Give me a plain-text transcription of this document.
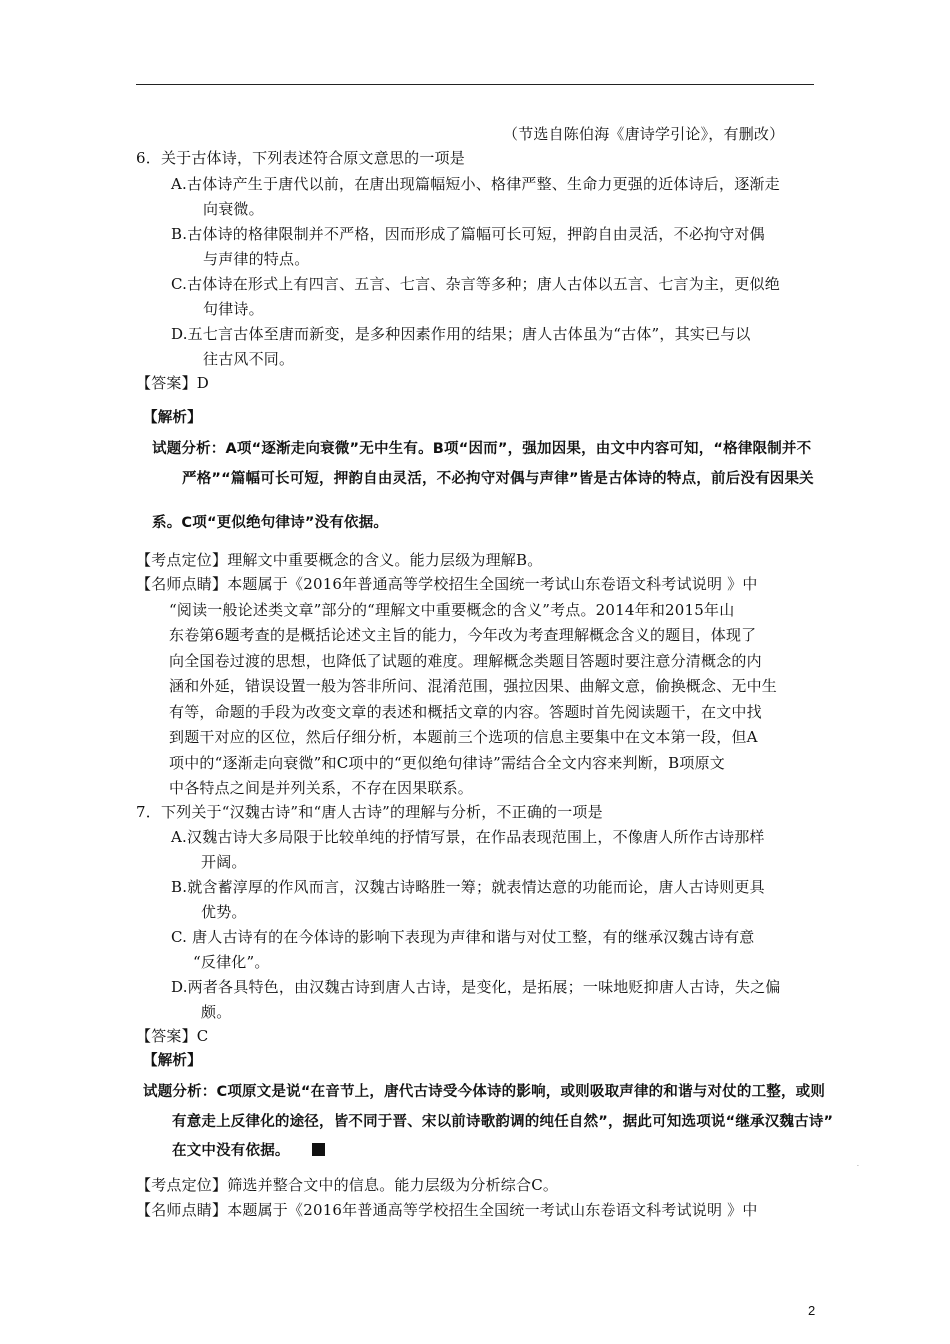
（节选自陈伯海《唐诗学引论》，有删改）
6．关于古体诗，下列表述符合原文意思的一项是
A.古体诗产生于唐代以前，在唐出现篇幅短小、格律严整、生命力更强的近体诗后，逐渐走
向衰微。
B.古体诗的格律限制并不严格，因而形成了篇幅可长可短，押韵自由灵活，不必拘守对偶
与声律的特点。
C.古体诗在形式上有四言、五言、七言、杂言等多种；唐人古体以五言、七言为主，更似绝
句律诗。
D.五七言古体至唐而新变，是多种因素作用的结果；唐人古体虽为“古体”，其实已与以
往古风不同。
【答案】D
【解析】
试题分析：A项“逐渐走向衰微”无中生有。B项“因而”，强加因果，由文中内容可知，“格律限制并不
严格”“篇幅可长可短，押韵自由灵活，不必拘守对偶与声律”皆是古体诗的特点，前后没有因果关
系。C项“更似绝句律诗”没有依据。
【考点定位】理解文中重要概念的含义。能力层级为理解B。
【名师点睛】本题属于《2016年普通高等学校招生全国统一考试山东卷语文科考试说明 》中
“阅读一般论述类文章”部分的“理解文中重要概念的含义”考点。2014年和2015年山
东卷第6题考查的是概括论述文主旨的能力，今年改为考查理解概念含义的题目，体现了
向全国卷过渡的思想，也降低了试题的难度。理解概念类题目答题时要注意分清概念的内
涵和外延，错误设置一般为答非所问、混淆范围，强拉因果、曲解文意，偷换概念、无中生
有等，命题的手段为改变文章的表述和概括文章的内容。答题时首先阅读题干，在文中找
到题干对应的区位，然后仔细分析，本题前三个选项的信息主要集中在文本第一段，但A
项中的“逐渐走向衰微”和C项中的“更似绝句律诗”需结合全文内容来判断，B项原文
中各特点之间是并列关系，不存在因果联系。
7．下列关于“汉魏古诗”和“唐人古诗”的理解与分析，不正确的一项是
A.汉魏古诗大多局限于比较单纯的抒情写景，在作品表现范围上，不像唐人所作古诗那样
开阔。
B.就含蓄淳厚的作风而言，汉魏古诗略胜一筹；就表情达意的功能而论，唐人古诗则更具
优势。
C. 唐人古诗有的在今体诗的影响下表现为声律和谐与对仗工整，有的继承汉魏古诗有意
“反律化”。
D.两者各具特色，由汉魏古诗到唐人古诗，是变化，是拓展；一味地贬抑唐人古诗，失之偏
颇。
【答案】C
【解析】
试题分析：C项原文是说“在音节上，唐代古诗受今体诗的影响，或则吸取声律的和谐与对仗的工整，或则
有意走上反律化的途径，皆不同于晋、宋以前诗歌韵调的纯任自然”，据此可知选项说“继承汉魏古诗”
在文中没有依据。
【考点定位】筛选并整合文中的信息。能力层级为分析综合C。
【名师点睛】本题属于《2016年普通高等学校招生全国统一考试山东卷语文科考试说明 》中
·
2
